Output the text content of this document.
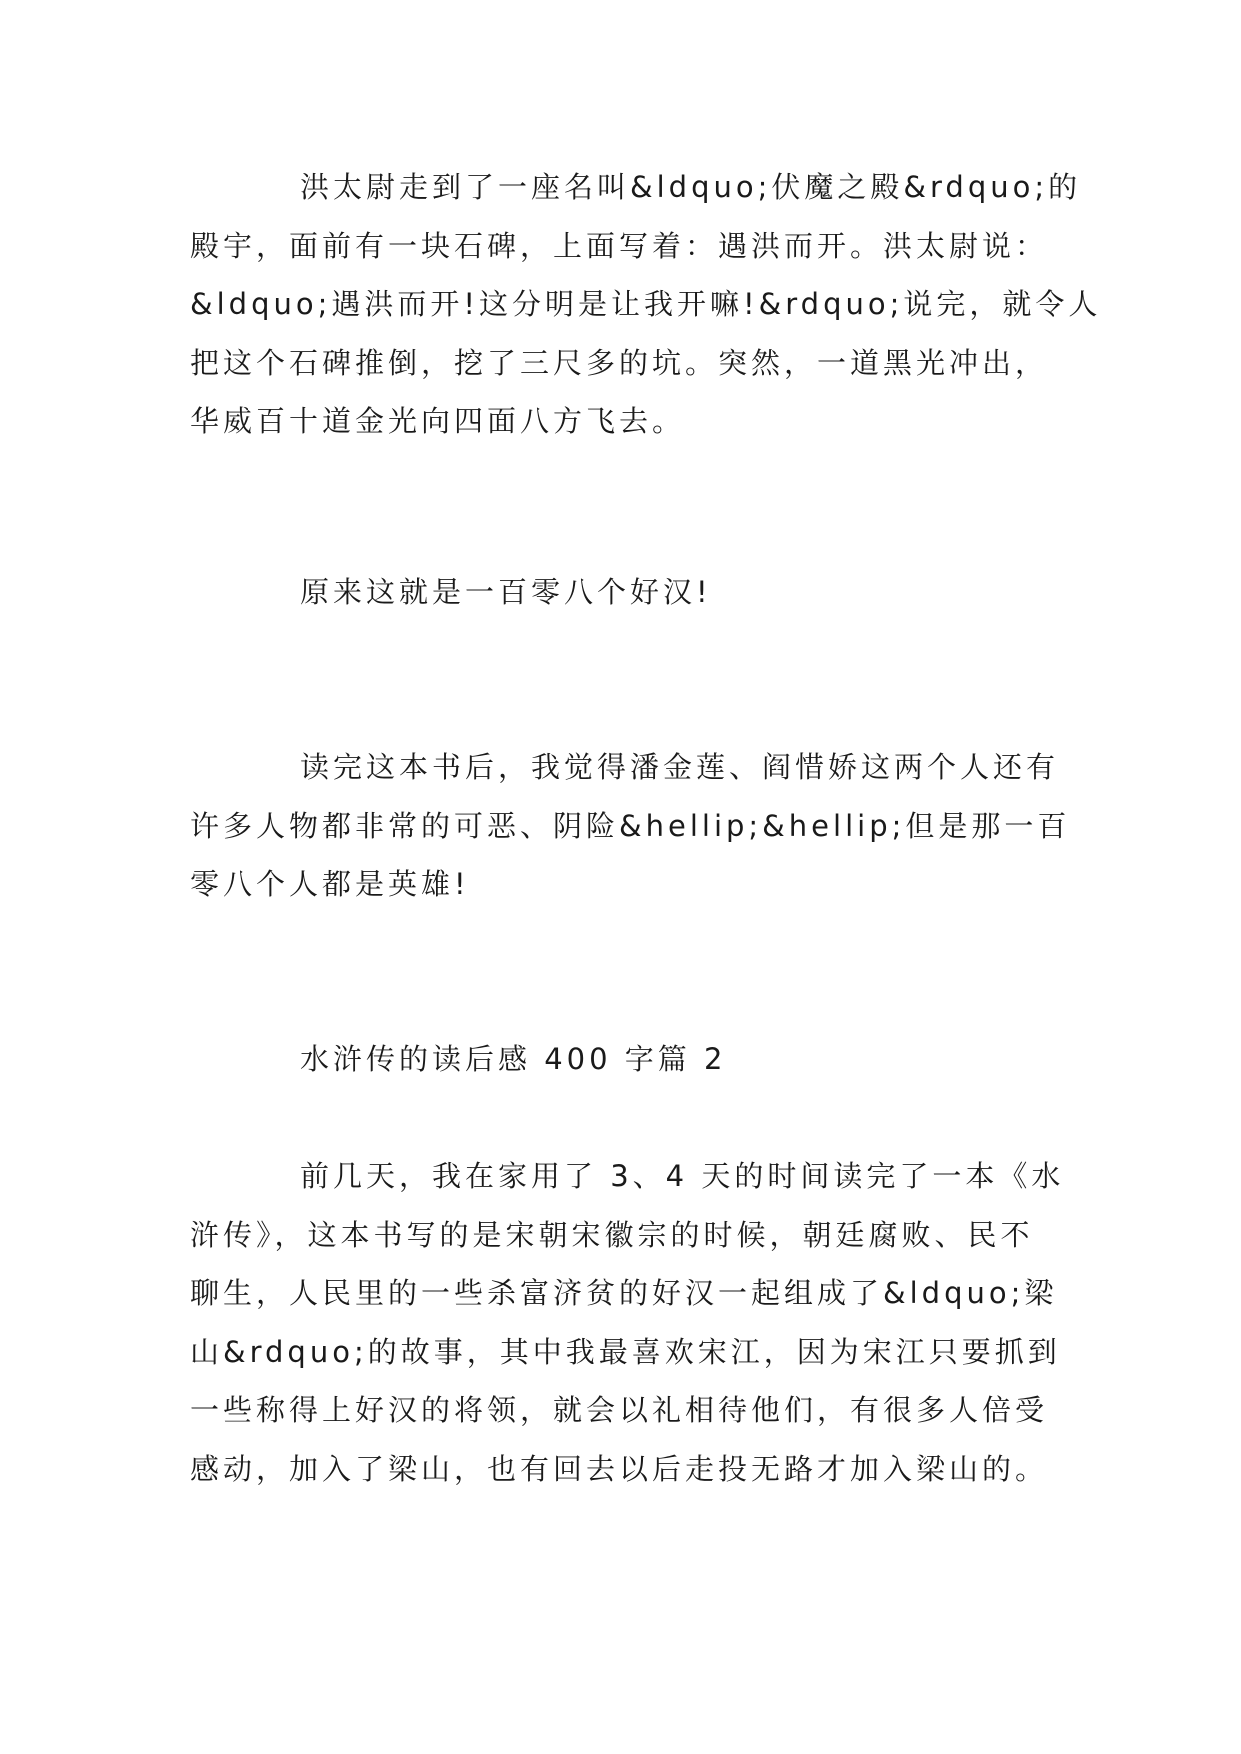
洪太尉走到了一座名叫&ldquo;伏魔之殿&rdquo;的
殿宇，面前有一块石碑，上面写着：遇洪而开。洪太尉说：
&ldquo;遇洪而开!这分明是让我开嘛!&rdquo;说完，就令人
把这个石碑推倒，挖了三尺多的坑。突然，一道黑光冲出，
华威百十道金光向四面八方飞去。
原来这就是一百零八个好汉!
读完这本书后，我觉得潘金莲、阎惜娇这两个人还有
许多人物都非常的可恶、阴险&hellip;&hellip;但是那一百
零八个人都是英雄!
水浒传的读后感 400 字篇 2
前几天，我在家用了 3、4 天的时间读完了一本《水
浒传》，这本书写的是宋朝宋徽宗的时候，朝廷腐败、民不
聊生，人民里的一些杀富济贫的好汉一起组成了&ldquo;梁
山&rdquo;的故事，其中我最喜欢宋江，因为宋江只要抓到
一些称得上好汉的将领，就会以礼相待他们，有很多人倍受
感动，加入了梁山，也有回去以后走投无路才加入梁山的。
